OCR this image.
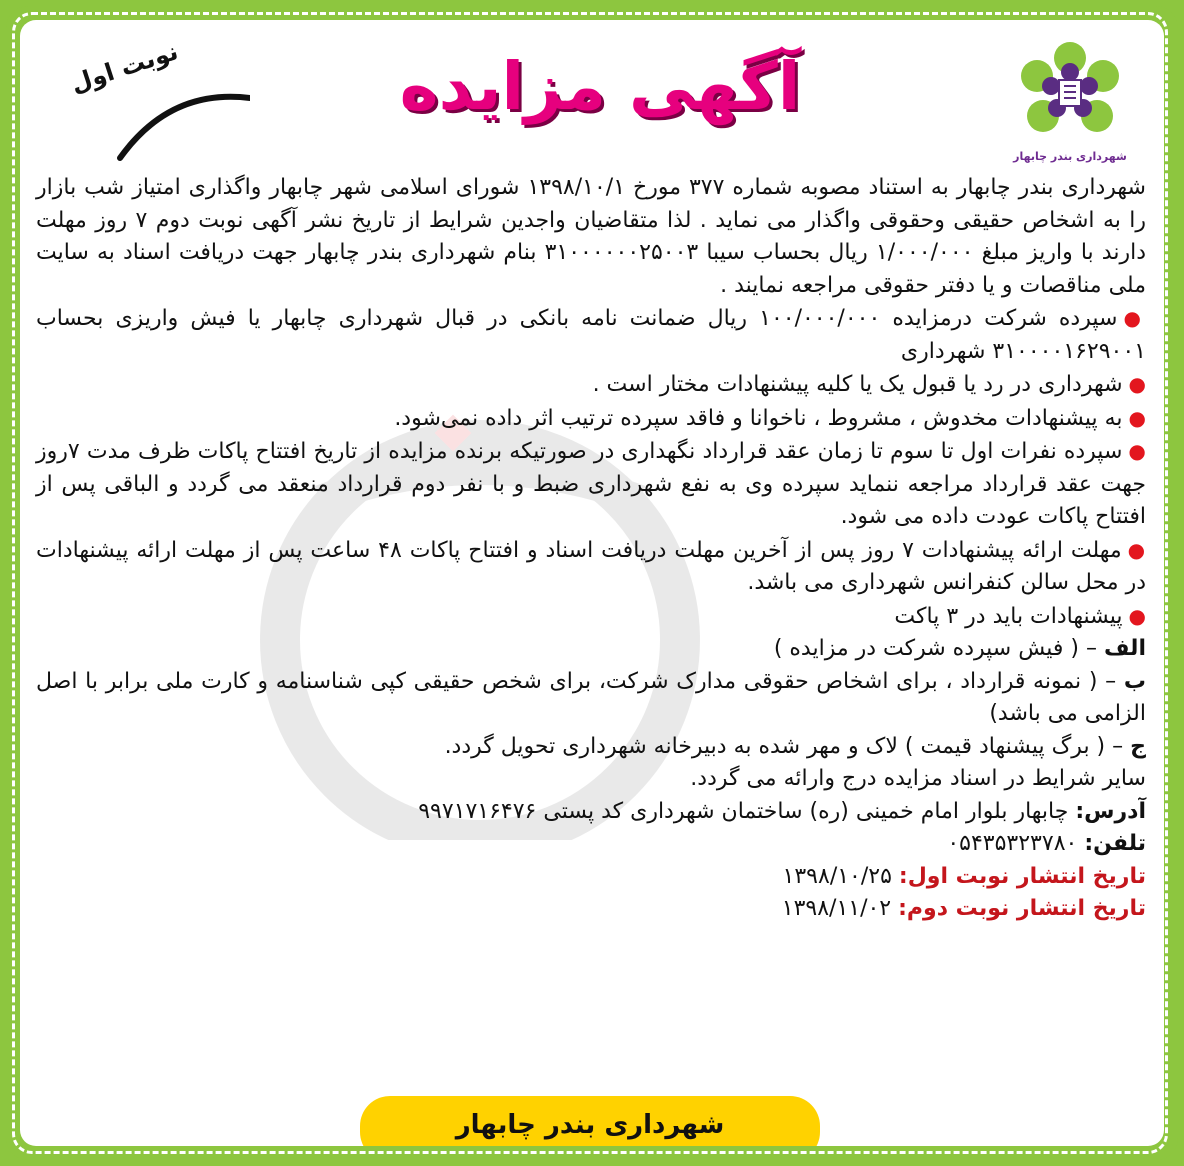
شهرداری بندر چابهار
آگهی مزایده
نوبت اول

شهرداری بندر چابهار به استناد مصوبه شماره ۳۷۷ مورخ ۱۳۹۸/۱۰/۱ شورای اسلامی شهر چابهار واگذاری امتیاز شب بازار را به اشخاص حقیقی وحقوقی واگذار می نماید . لذا متقاضیان واجدین شرایط از تاریخ نشر آگهی نوبت دوم ۷ روز مهلت دارند با واریز مبلغ ۱/۰۰۰/۰۰۰ ریال بحساب سیبا ۳۱۰۰۰۰۰۰۲۵۰۰۳ بنام شهرداری بندر چابهار جهت دریافت اسناد به سایت ملی مناقصات و یا دفتر حقوقی مراجعه نمایند .

● سپرده شرکت درمزایده ۱۰۰/۰۰۰/۰۰۰ ریال ضمانت نامه بانکی در قبال شهرداری چابهار یا فیش واریزی بحساب ۳۱۰۰۰۰۱۶۲۹۰۰۱ شهرداری

● شهرداری در رد یا قبول یک یا کلیه پیشنهادات مختار است .

● به پیشنهادات مخدوش ، مشروط ، ناخوانا و فاقد سپرده ترتیب اثر داده نمی‌شود.

● سپرده نفرات اول تا سوم تا زمان عقد قرارداد نگهداری در صورتیکه برنده مزایده از تاریخ افتتاح پاکات ظرف مدت ۷روز جهت عقد قرارداد مراجعه ننماید سپرده وی به نفع شهرداری ضبط و با نفر دوم قرارداد منعقد می گردد و الباقی پس از افتتاح پاکات عودت داده می شود.

● مهلت ارائه پیشنهادات ۷ روز پس از آخرین مهلت دریافت اسناد و افتتاح پاکات ۴۸ ساعت پس از مهلت ارائه پیشنهادات در محل سالن کنفرانس شهرداری می باشد.

● پیشنهادات باید در ۳ پاکت

الف – ( فیش سپرده شرکت در مزایده )

ب – ( نمونه قرارداد ، برای اشخاص حقوقی مدارک شرکت، برای شخص حقیقی کپی شناسنامه و کارت ملی برابر با اصل الزامی می باشد)

ج – ( برگ پیشنهاد قیمت ) لاک و مهر شده به دبیرخانه شهرداری تحویل گردد.

سایر شرایط در اسناد مزایده درج وارائه می گردد.

آدرس: چابهار بلوار امام خمینی (ره) ساختمان شهرداری کد پستی ۹۹۷۱۷۱۶۴۷۶

تلفن: ۰۵۴۳۵۳۲۳۷۸۰

تاریخ انتشار نوبت اول: ۱۳۹۸/۱۰/۲۵

تاریخ انتشار نوبت دوم: ۱۳۹۸/۱۱/۰۲

شهرداری بندر چابهار
